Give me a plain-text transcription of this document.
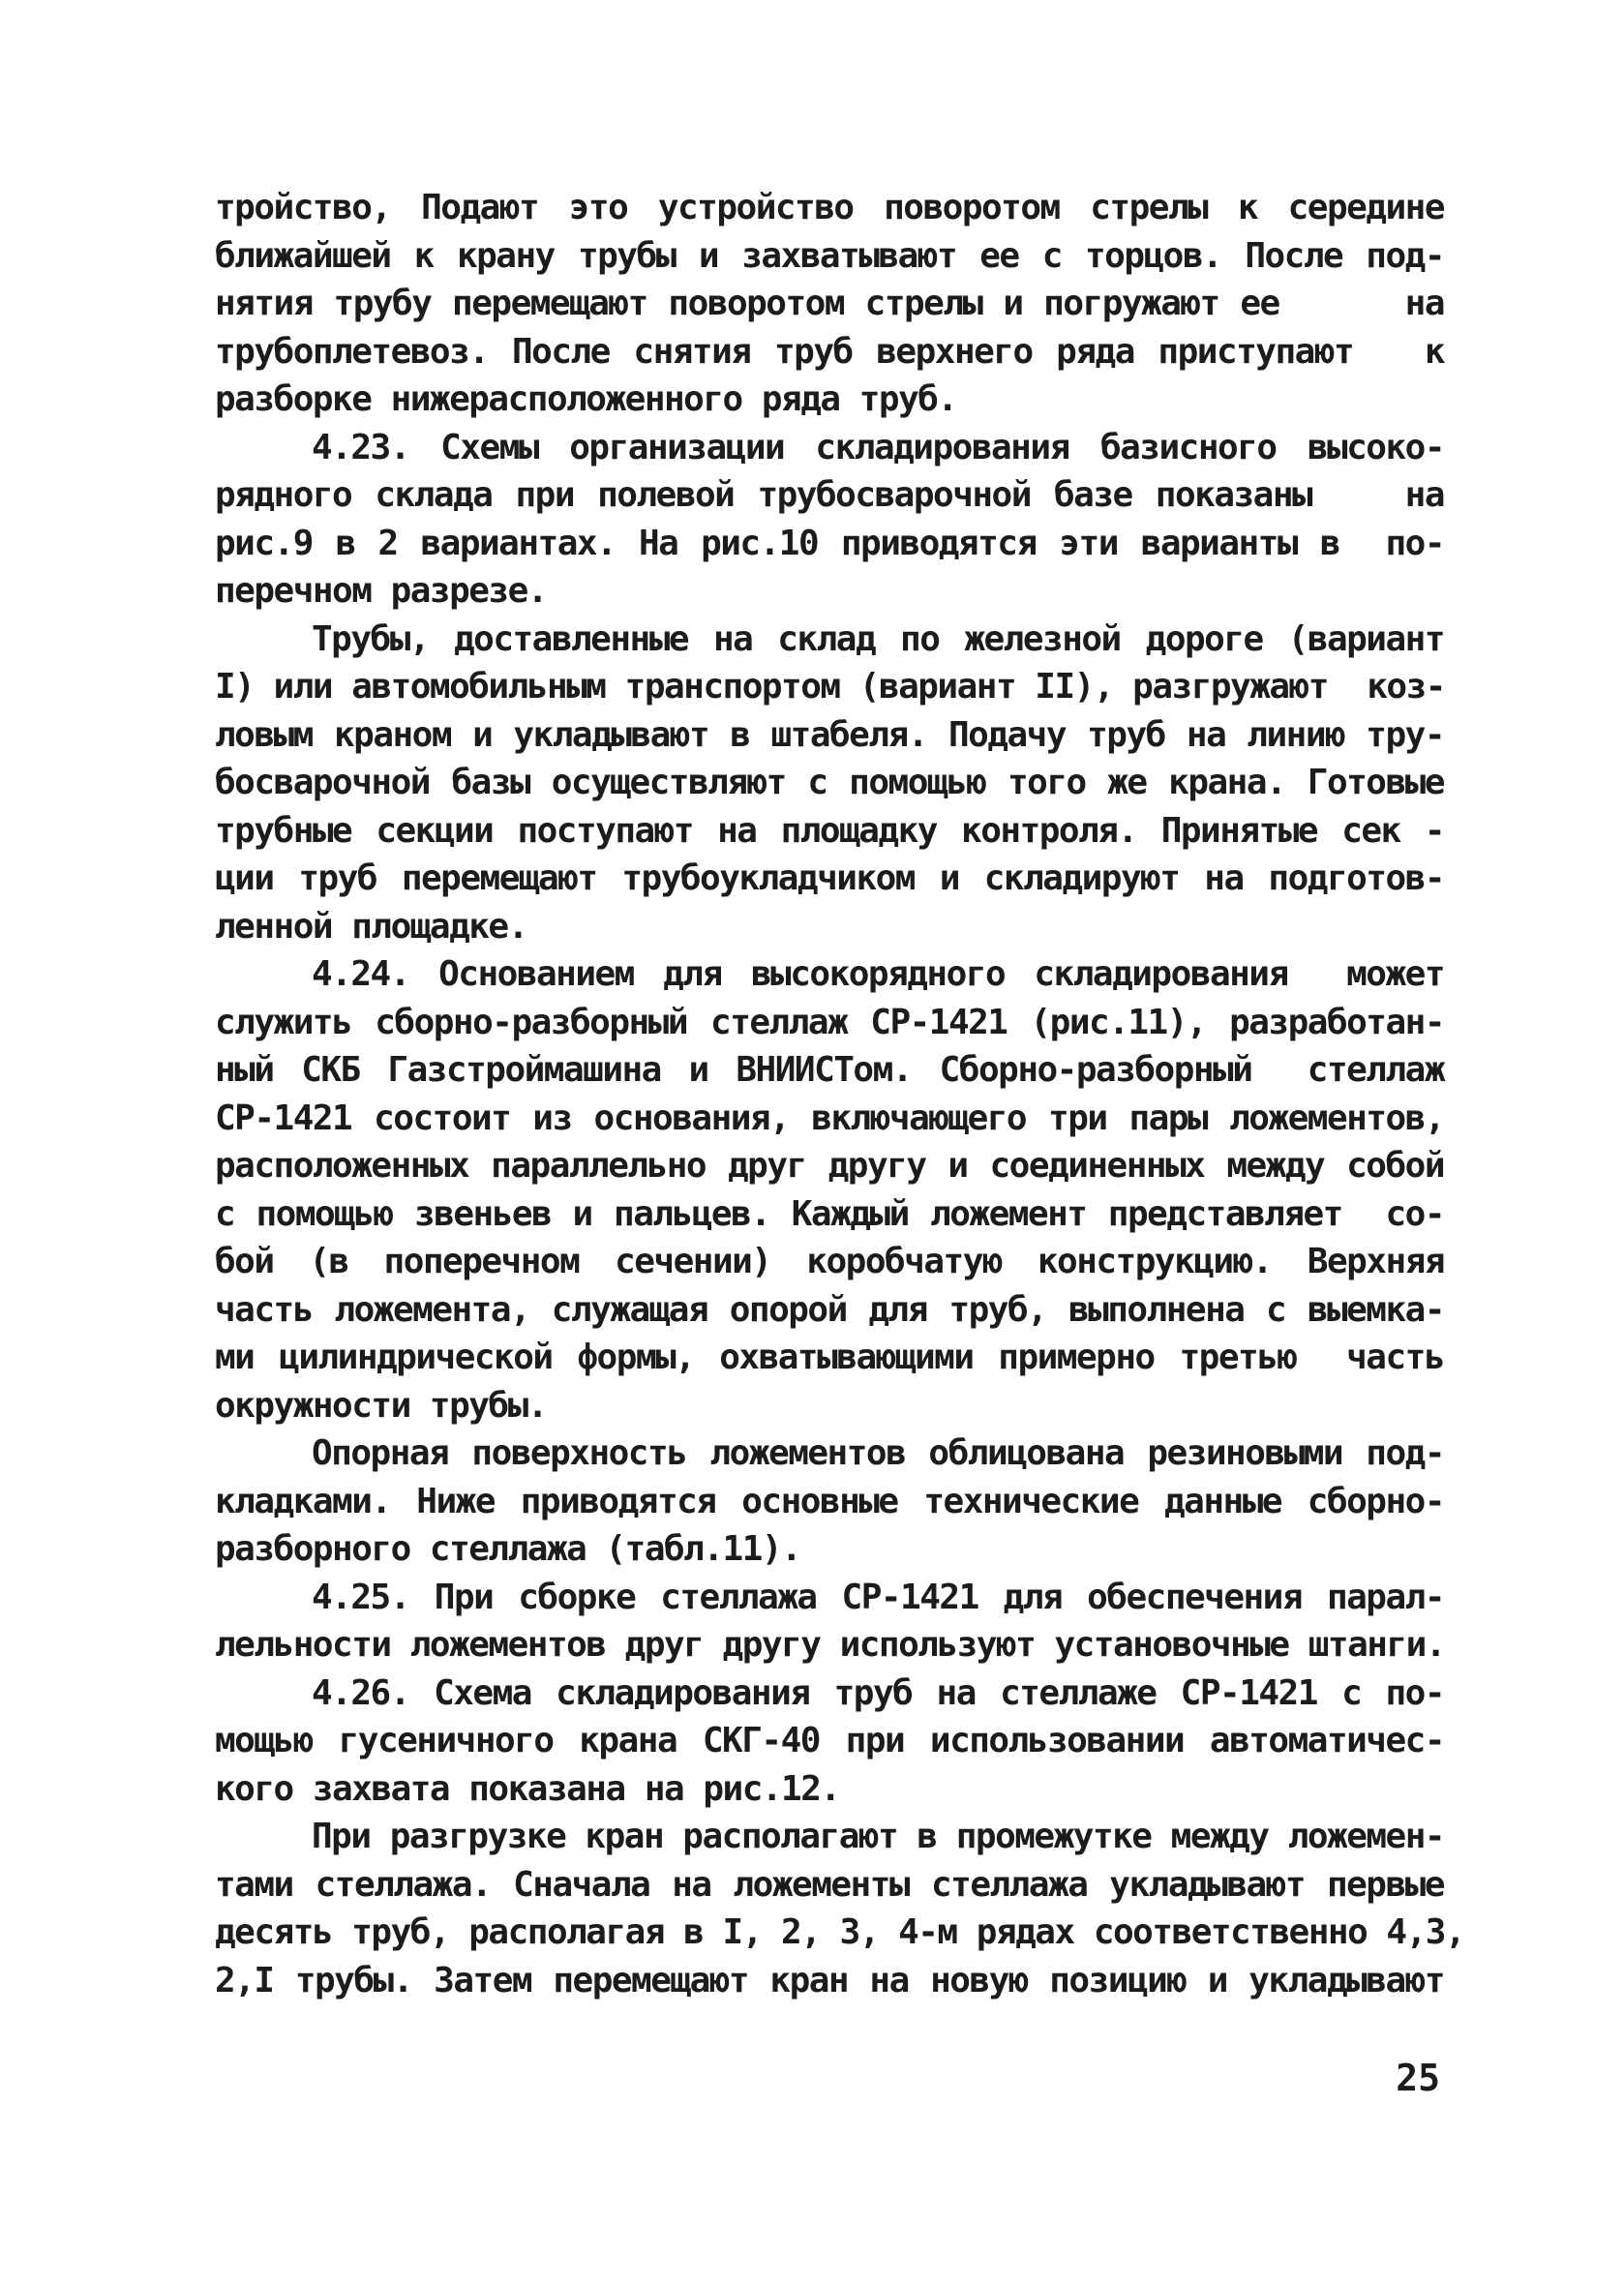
тройство, Подают это устройство поворотом стрелы к середине
ближайшей к крану трубы и захватывают ее с торцов. После под-
нятия трубу перемещают поворотом стрелы и погружают ее      на
трубоплетевоз. После снятия труб верхнего ряда приступают   к
разборке нижерасположенного ряда труб.
4.23. Схемы организации складирования базисного высоко-
рядного склада при полевой трубосварочной базе показаны    на
рис.9 в 2 вариантах. На рис.10 приводятся эти варианты в  по-
перечном разрезе.
Трубы, доставленные на склад по железной дороге (вариант
I) или автомобильным транспортом (вариант II), разгружают  коз-
ловым краном и укладывают в штабеля. Подачу труб на линию тру-
босварочной базы осуществляют с помощью того же крана. Готовые
трубные секции поступают на площадку контроля. Принятые сек -
ции труб перемещают трубоукладчиком и складируют на подготов-
ленной площадке.
4.24. Основанием для высокорядного складирования  может
служить сборно-разборный стеллаж СР-1421 (рис.11), разработан-
ный СКБ Газстроймашина и ВНИИСТом. Сборно-разборный  стеллаж
СР-1421 состоит из основания, включающего три пары ложементов,
расположенных параллельно друг другу и соединенных между собой
с помощью звеньев и пальцев. Каждый ложемент представляет  со-
бой (в поперечном сечении) коробчатую конструкцию. Верхняя
часть ложемента, служащая опорой для труб, выполнена с выемка-
ми цилиндрической формы, охватывающими примерно третью  часть
окружности трубы.
Опорная поверхность ложементов облицована резиновыми под-
кладками. Ниже приводятся основные технические данные сборно-
разборного стеллажа (табл.11).
4.25. При сборке стеллажа СР-1421 для обеспечения парал-
лельности ложементов друг другу используют установочные штанги.
4.26. Схема складирования труб на стеллаже СР-1421 с по-
мощью гусеничного крана СКГ-40 при использовании автоматичес-
кого захвата показана на рис.12.
При разгрузке кран располагают в промежутке между ложемен-
тами стеллажа. Сначала на ложементы стеллажа укладывают первые
десять труб, располагая в I, 2, 3, 4-м рядах соответственно 4,3,
2,I трубы. Затем перемещают кран на новую позицию и укладывают
25
